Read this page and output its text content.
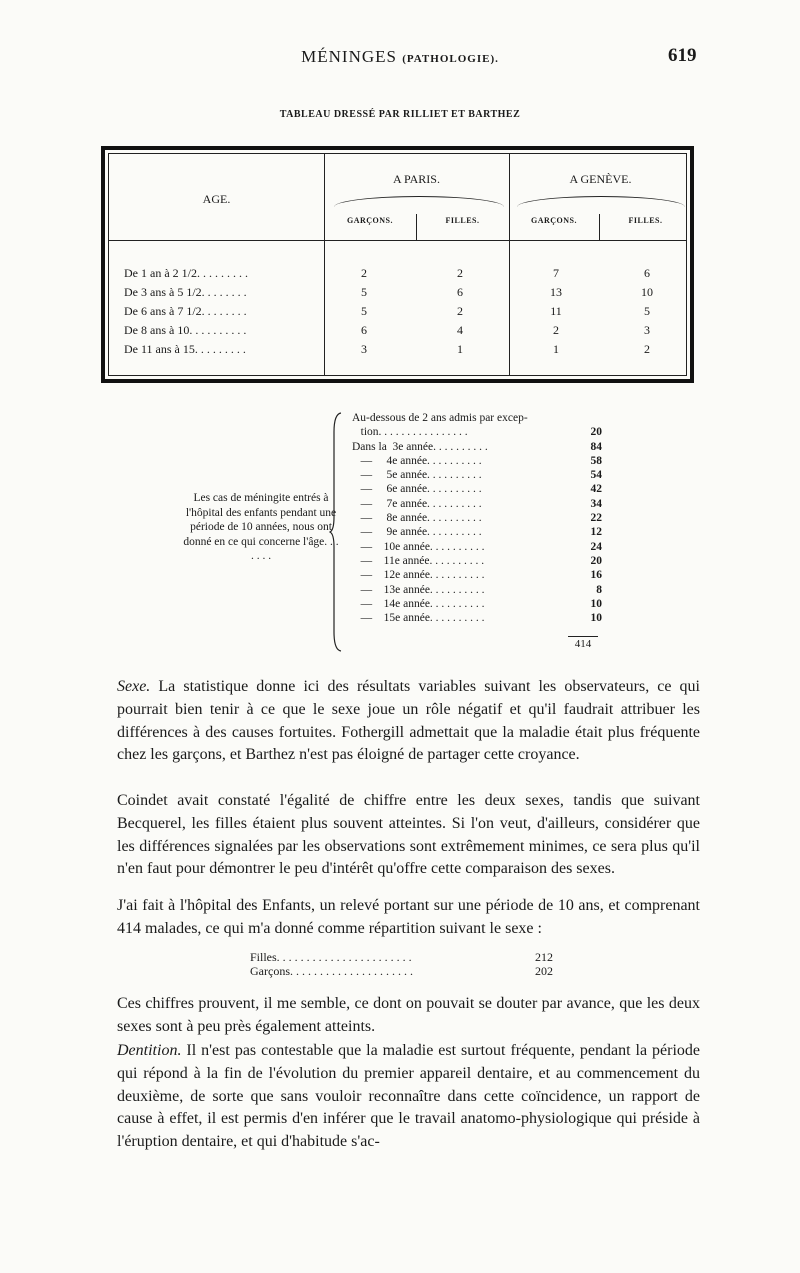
MÉNINGES (PATHOLOGIE).	619
TABLEAU DRESSÉ PAR RILLIET ET BARTHEZ
AGE.
A PARIS.	A GENÈVE.
GARÇONS.	FILLES.	GARÇONS.	FILLES.
De 1 an à 2 1/2. . . . . . . . .	2	2	7	6
De 3 ans à 5 1/2. . . . . . . .	5	6	13	10
De 6 ans à 7 1/2. . . . . . . .	5	2	11	5
De 8 ans à 10. . . . . . . . . .	6	4	2	3
De 11 ans à 15. . . . . . . . .	3	1	1	2
Les cas de méningite entrés à l'hôpital des enfants pendant une période de 10 années, nous ont donné en ce qui concerne l'âge. . . . . . .
Au-dessous de 2 ans admis par excep-
tion. . . . . . . . . . . . . . . .	20
Dans la  3e année. . . . . . . . . .	84
—     4e année. . . . . . . . . .	58
—     5e année. . . . . . . . . .	54
—     6e année. . . . . . . . . .	42
—     7e année. . . . . . . . . .	34
—     8e année. . . . . . . . . .	22
—     9e année. . . . . . . . . .	12
—    10e année. . . . . . . . . .	24
—    11e année. . . . . . . . . .	20
—    12e année. . . . . . . . . .	16
—    13e année. . . . . . . . . .	8
—    14e année. . . . . . . . . .	10
—    15e année. . . . . . . . . .	10
414

Sexe. La statistique donne ici des résultats variables suivant les observateurs, ce qui pourrait bien tenir à ce que le sexe joue un rôle négatif et qu'il faudrait attribuer les différences à des causes fortuites. Fothergill admettait que la maladie était plus fréquente chez les garçons, et Barthez n'est pas éloigné de partager cette croyance.

Coindet avait constaté l'égalité de chiffre entre les deux sexes, tandis que suivant Becquerel, les filles étaient plus souvent atteintes. Si l'on veut, d'ailleurs, considérer que les différences signalées par les observations sont extrêmement minimes, ce sera plus qu'il n'en faut pour démontrer le peu d'intérêt qu'offre cette comparaison des sexes.

J'ai fait à l'hôpital des Enfants, un relevé portant sur une période de 10 ans, et comprenant 414 malades, ce qui m'a donné comme répartition suivant le sexe :

Filles. . . . . . . . . . . . . . . . . . . . . . .	212
Garçons. . . . . . . . . . . . . . . . . . . . .	202

Ces chiffres prouvent, il me semble, ce dont on pouvait se douter par avance, que les deux sexes sont à peu près également atteints.

Dentition. Il n'est pas contestable que la maladie est surtout fréquente, pendant la période qui répond à la fin de l'évolution du premier appareil dentaire, et au commencement du deuxième, de sorte que sans vouloir reconnaître dans cette coïncidence, un rapport de cause à effet, il est permis d'en inférer que le travail anatomo-physiologique qui préside à l'éruption dentaire, et qui d'habitude s'ac-
